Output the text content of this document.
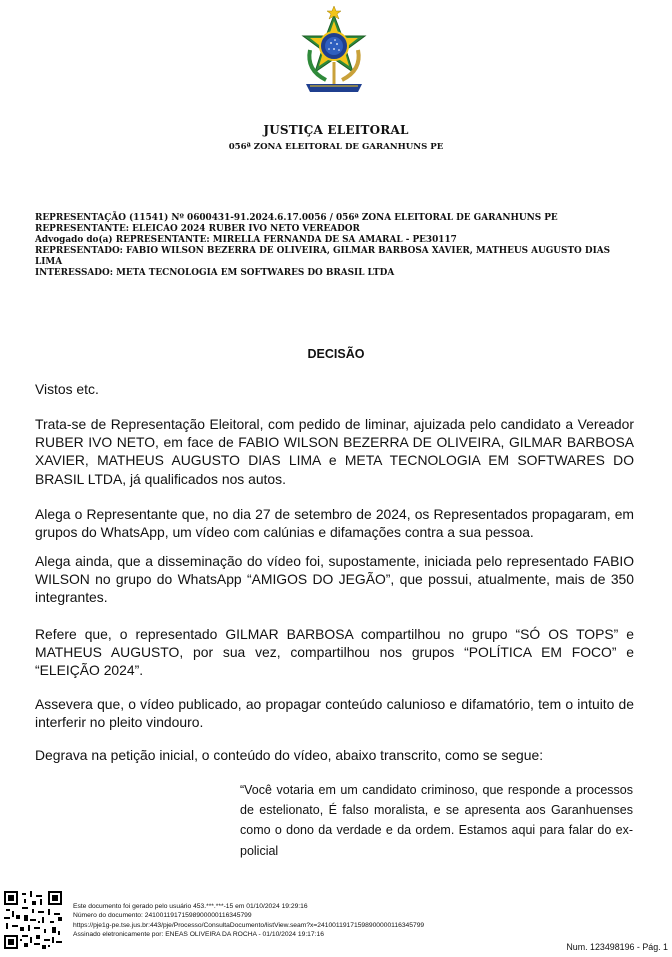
JUSTIÇA ELEITORAL
056ª ZONA ELEITORAL DE GARANHUNS PE
REPRESENTAÇÃO (11541) Nº 0600431-91.2024.6.17.0056 / 056ª ZONA ELEITORAL DE GARANHUNS PE
REPRESENTANTE: ELEICAO 2024 RUBER IVO NETO VEREADOR
Advogado do(a) REPRESENTANTE: MIRELLA FERNANDA DE SA AMARAL - PE30117
REPRESENTADO: FABIO WILSON BEZERRA DE OLIVEIRA, GILMAR BARBOSA XAVIER, MATHEUS AUGUSTO DIAS LIMA
INTERESSADO: META TECNOLOGIA EM SOFTWARES DO BRASIL LTDA
DECISÃO

Vistos etc.

Trata-se de Representação Eleitoral, com pedido de liminar, ajuizada pelo candidato a Vereador RUBER IVO NETO, em face de FABIO WILSON BEZERRA DE OLIVEIRA, GILMAR BARBOSA XAVIER, MATHEUS AUGUSTO DIAS LIMA e META TECNOLOGIA EM SOFTWARES DO BRASIL LTDA, já qualificados nos autos.

Alega o Representante que, no dia 27 de setembro de 2024, os Representados propagaram, em grupos do WhatsApp, um vídeo com calúnias e difamações contra a sua pessoa.

Alega ainda, que a disseminação do vídeo foi, supostamente, iniciada pelo representado FABIO WILSON no grupo do WhatsApp “AMIGOS DO JEGÃO”, que possui, atualmente, mais de 350 integrantes.

Refere que, o representado GILMAR BARBOSA compartilhou no grupo “SÓ OS TOPS” e MATHEUS AUGUSTO, por sua vez, compartilhou nos grupos “POLÍTICA EM FOCO” e “ELEIÇÃO 2024”.

Assevera que, o vídeo publicado, ao propagar conteúdo calunioso e difamatório, tem o intuito de interferir no pleito vindouro.

Degrava na petição inicial, o conteúdo do vídeo, abaixo transcrito, como se segue:

“Você votaria em um candidato criminoso, que responde a processos de estelionato, É falso moralista, e se apresenta aos Garanhuenses como o dono da verdade e da ordem. Estamos aqui para falar do ex-policial
Este documento foi gerado pelo usuário 453.***.***-15 em 01/10/2024 19:29:16
Número do documento: 24100119171598900000116345799
https://pje1g-pe.tse.jus.br:443/pje/Processo/ConsultaDocumento/listView.seam?x=24100119171598900000116345799
Assinado eletronicamente por: ENEAS OLIVEIRA DA ROCHA - 01/10/2024 19:17:16
Num. 123498196 - Pág. 1
